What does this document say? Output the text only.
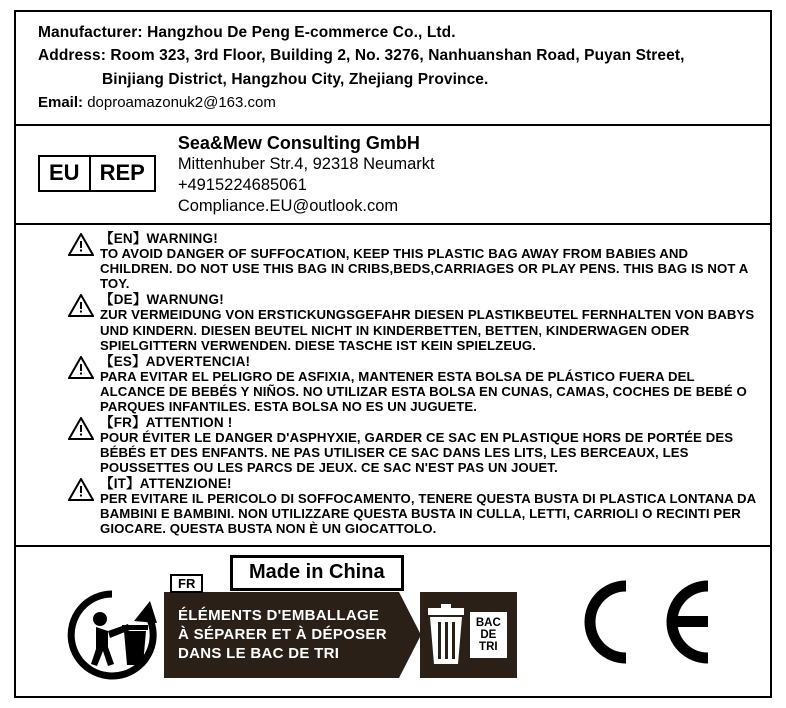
Manufacturer: Hangzhou De Peng E-commerce Co., Ltd.
Address: Room 323, 3rd Floor, Building 2, No. 3276, Nanhuanshan Road, Puyan Street,
Binjiang District, Hangzhou City, Zhejiang Province.
Email: doproamazonuk2@163.com
EU REP
Sea&Mew Consulting GmbH
Mittenhuber Str.4, 92318 Neumarkt
+4915224685061
Compliance.EU@outlook.com
【EN】WARNING!
TO AVOID DANGER OF SUFFOCATION, KEEP THIS PLASTIC BAG AWAY FROM BABIES AND CHILDREN. DO NOT USE THIS BAG IN CRIBS,BEDS,CARRIAGES OR PLAY PENS. THIS BAG IS NOT A TOY.
【DE】WARNUNG!
ZUR VERMEIDUNG VON ERSTICKUNGSGEFAHR DIESEN PLASTIKBEUTEL FERNHALTEN VON BABYS UND KINDERN. DIESEN BEUTEL NICHT IN KINDERBETTEN, BETTEN, KINDERWAGEN ODER SPIELGITTERN VERWENDEN. DIESE TASCHE IST KEIN SPIELZEUG.
【ES】ADVERTENCIA!
PARA EVITAR EL PELIGRO DE ASFIXIA, MANTENER ESTA BOLSA DE PLÁSTICO FUERA DEL ALCANCE DE BEBÉS Y NIÑOS. NO UTILIZAR ESTA BOLSA EN CUNAS, CAMAS, COCHES DE BEBÉ O PARQUES INFANTILES. ESTA BOLSA NO ES UN JUGUETE.
【FR】ATTENTION !
POUR ÉVITER LE DANGER D'ASPHYXIE, GARDER CE SAC EN PLASTIQUE HORS DE PORTÉE DES BÉBÉS ET DES ENFANTS. NE PAS UTILISER CE SAC DANS LES LITS, LES BERCEAUX, LES POUSSETTES OU LES PARCS DE JEUX. CE SAC N'EST PAS UN JOUET.
【IT】ATTENZIONE!
PER EVITARE IL PERICOLO DI SOFFOCAMENTO, TENERE QUESTA BUSTA DI PLASTICA LONTANA DA BAMBINI E BAMBINI. NON UTILIZZARE QUESTA BUSTA IN CULLA, LETTI, CARRIOLI O RECINTI PER GIOCARE. QUESTA BUSTA NON È UN GIOCATTOLO.
Made in China
FR
ÉLÉMENTS D'EMBALLAGE
À SÉPARER ET À DÉPOSER
DANS LE BAC DE TRI
BAC
DE
TRI
